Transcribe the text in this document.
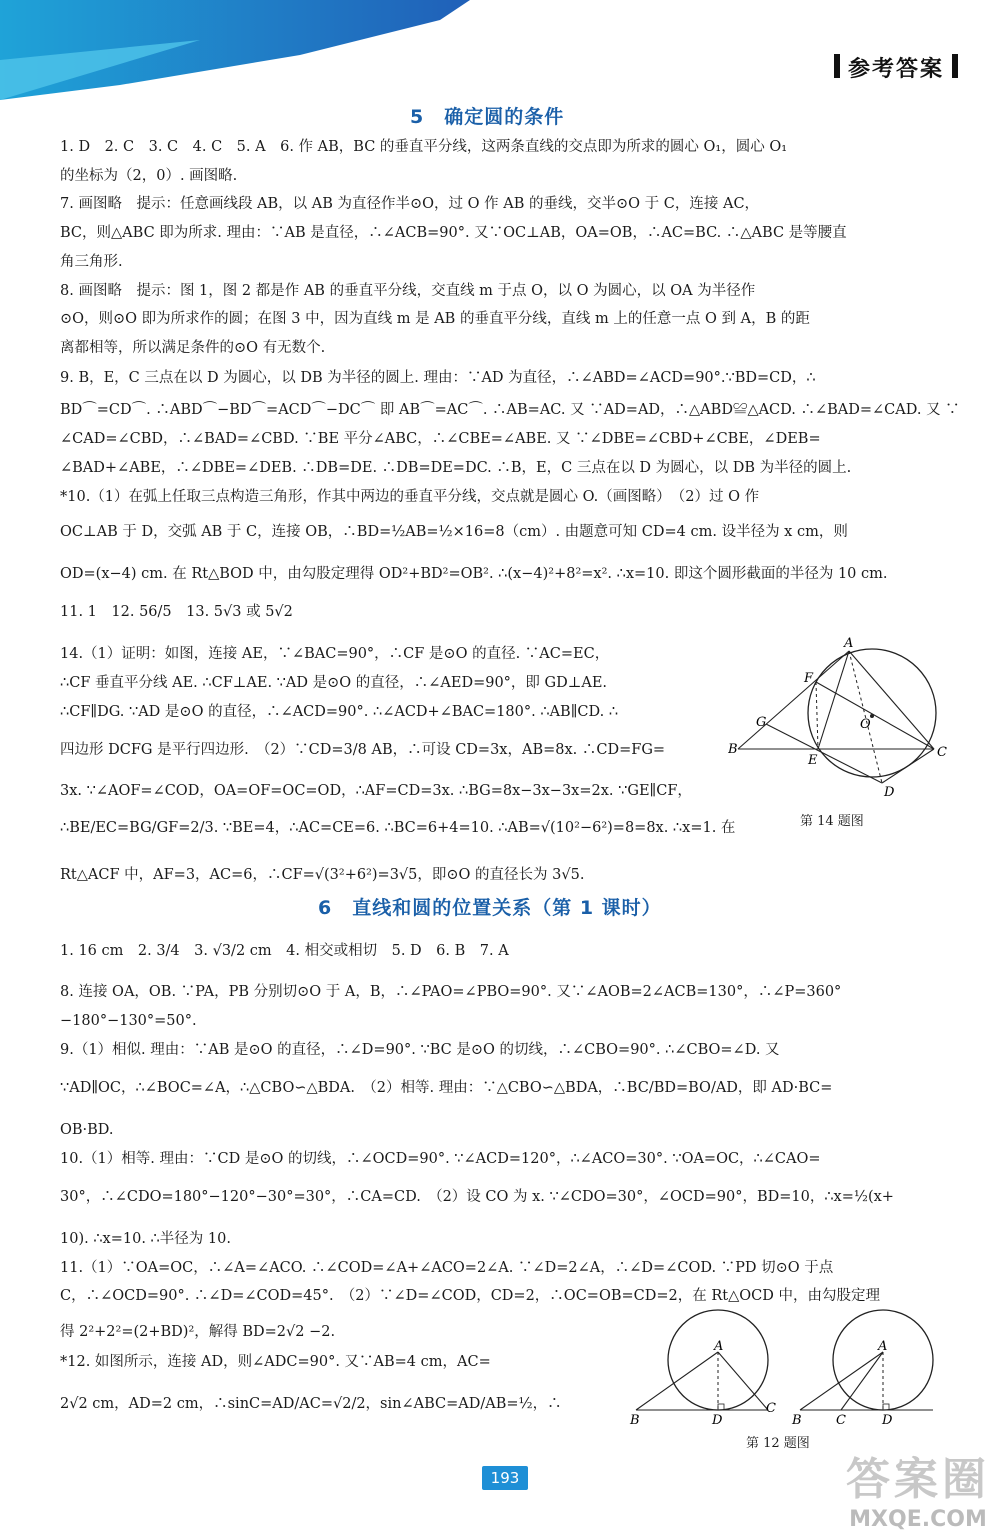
参考答案
5　确定圆的条件
1. D　2. C　3. C　4. C　5. A　6. 作 AB，BC 的垂直平分线，这两条直线的交点即为所求的圆心 O₁，圆心 O₁
的坐标为（2，0）. 画图略.
7. 画图略　提示：任意画线段 AB，以 AB 为直径作半⊙O，过 O 作 AB 的垂线，交半⊙O 于 C，连接 AC，
BC，则△ABC 即为所求. 理由：∵AB 是直径，∴∠ACB=90°. 又∵OC⊥AB，OA=OB，∴AC=BC. ∴△ABC 是等腰直
角三角形.
8. 画图略　提示：图 1，图 2 都是作 AB 的垂直平分线，交直线 m 于点 O，以 O 为圆心，以 OA 为半径作
⊙O，则⊙O 即为所求作的圆；在图 3 中，因为直线 m 是 AB 的垂直平分线，直线 m 上的任意一点 O 到 A，B 的距
离都相等，所以满足条件的⊙O 有无数个.
9. B，E，C 三点在以 D 为圆心，以 DB 为半径的圆上. 理由：∵AD 为直径，∴∠ABD=∠ACD=90°.∵BD=CD，∴
BD⌒=CD⌒. ∴ABD⌒−BD⌒=ACD⌒−DC⌒ 即 AB⌒=AC⌒. ∴AB=AC. 又 ∵AD=AD，∴△ABD≌△ACD. ∴∠BAD=∠CAD. 又 ∵
∠CAD=∠CBD，∴∠BAD=∠CBD. ∵BE 平分∠ABC，∴∠CBE=∠ABE. 又 ∵∠DBE=∠CBD+∠CBE，∠DEB=
∠BAD+∠ABE，∴∠DBE=∠DEB. ∴DB=DE. ∴DB=DE=DC. ∴B，E，C 三点在以 D 为圆心，以 DB 为半径的圆上.
*10.（1）在弧上任取三点构造三角形，作其中两边的垂直平分线，交点就是圆心 O.（画图略）　（2）过 O 作
OC⊥AB 于 D，交弧 AB 于 C，连接 OB，∴BD=½AB=½×16=8（cm）. 由题意可知 CD=4 cm. 设半径为 x cm，则
OD=(x−4) cm. 在 Rt△BOD 中，由勾股定理得 OD²+BD²=OB². ∴(x−4)²+8²=x². ∴x=10. 即这个圆形截面的半径为 10 cm.
11. 1　12. 56/5　13. 5√3 或 5√2
14.（1）证明：如图，连接 AE，∵∠BAC=90°，∴CF 是⊙O 的直径. ∵AC=EC，
∴CF 垂直平分线 AE. ∴CF⊥AE. ∵AD 是⊙O 的直径，∴∠AED=90°，即 GD⊥AE.
∴CF∥DG. ∵AD 是⊙O 的直径，∴∠ACD=90°. ∴∠ACD+∠BAC=180°. ∴AB∥CD. ∴
四边形 DCFG 是平行四边形.　（2）∵CD=3/8 AB，∴可设 CD=3x，AB=8x. ∴CD=FG=
3x. ∵∠AOF=∠COD，OA=OF=OC=OD，∴AF=CD=3x. ∴BG=8x−3x−3x=2x. ∵GE∥CF，
∴BE/EC=BG/GF=2/3. ∵BE=4，∴AC=CE=6. ∴BC=6+4=10. ∴AB=√(10²−6²)=8=8x. ∴x=1. 在
Rt△ACF 中，AF=3，AC=6，∴CF=√(3²+6²)=3√5，即⊙O 的直径长为 3√5.
A
F
G	O
B
E
C
D
第 14 题图
6　直线和圆的位置关系（第 1 课时）
1. 16 cm　2. 3/4　3. √3/2 cm　4. 相交或相切　5. D　6. B　7. A
8. 连接 OA，OB. ∵PA，PB 分别切⊙O 于 A，B，∴∠PAO=∠PBO=90°. 又∵∠AOB=2∠ACB=130°，∴∠P=360°
−180°−130°=50°.
9.（1）相似. 理由：∵AB 是⊙O 的直径，∴∠D=90°. ∵BC 是⊙O 的切线，∴∠CBO=90°. ∴∠CBO=∠D. 又
∵AD∥OC，∴∠BOC=∠A，∴△CBO∽△BDA.　（2）相等. 理由：∵△CBO∽△BDA，∴BC/BD=BO/AD，即 AD·BC=
OB·BD.
10.（1）相等. 理由：∵CD 是⊙O 的切线，∴∠OCD=90°. ∵∠ACD=120°，∴∠ACO=30°. ∵OA=OC，∴∠CAO=
30°，∴∠CDO=180°−120°−30°=30°，∴CA=CD.　（2）设 CO 为 x. ∵∠CDO=30°，∠OCD=90°，BD=10，∴x=½(x+
10). ∴x=10. ∴半径为 10.
11.（1）∵OA=OC，∴∠A=∠ACO. ∴∠COD=∠A+∠ACO=2∠A. ∵∠D=2∠A，∴∠D=∠COD. ∵PD 切⊙O 于点
C，∴∠OCD=90°. ∴∠D=∠COD=45°.　（2）∵∠D=∠COD，CD=2，∴OC=OB=CD=2，在 Rt△OCD 中，由勾股定理
得 2²+2²=(2+BD)²，解得 BD=2√2 −2.
*12. 如图所示，连接 AD，则∠ADC=90°. 又∵AB=4 cm，AC=
2√2 cm，AD=2 cm，∴sinC=AD/AC=√2/2，sin∠ABC=AD/AB=½，∴
A
B	D
C
A
B	C	D
第 12 题图
193	答案圈
MXQE.COM
